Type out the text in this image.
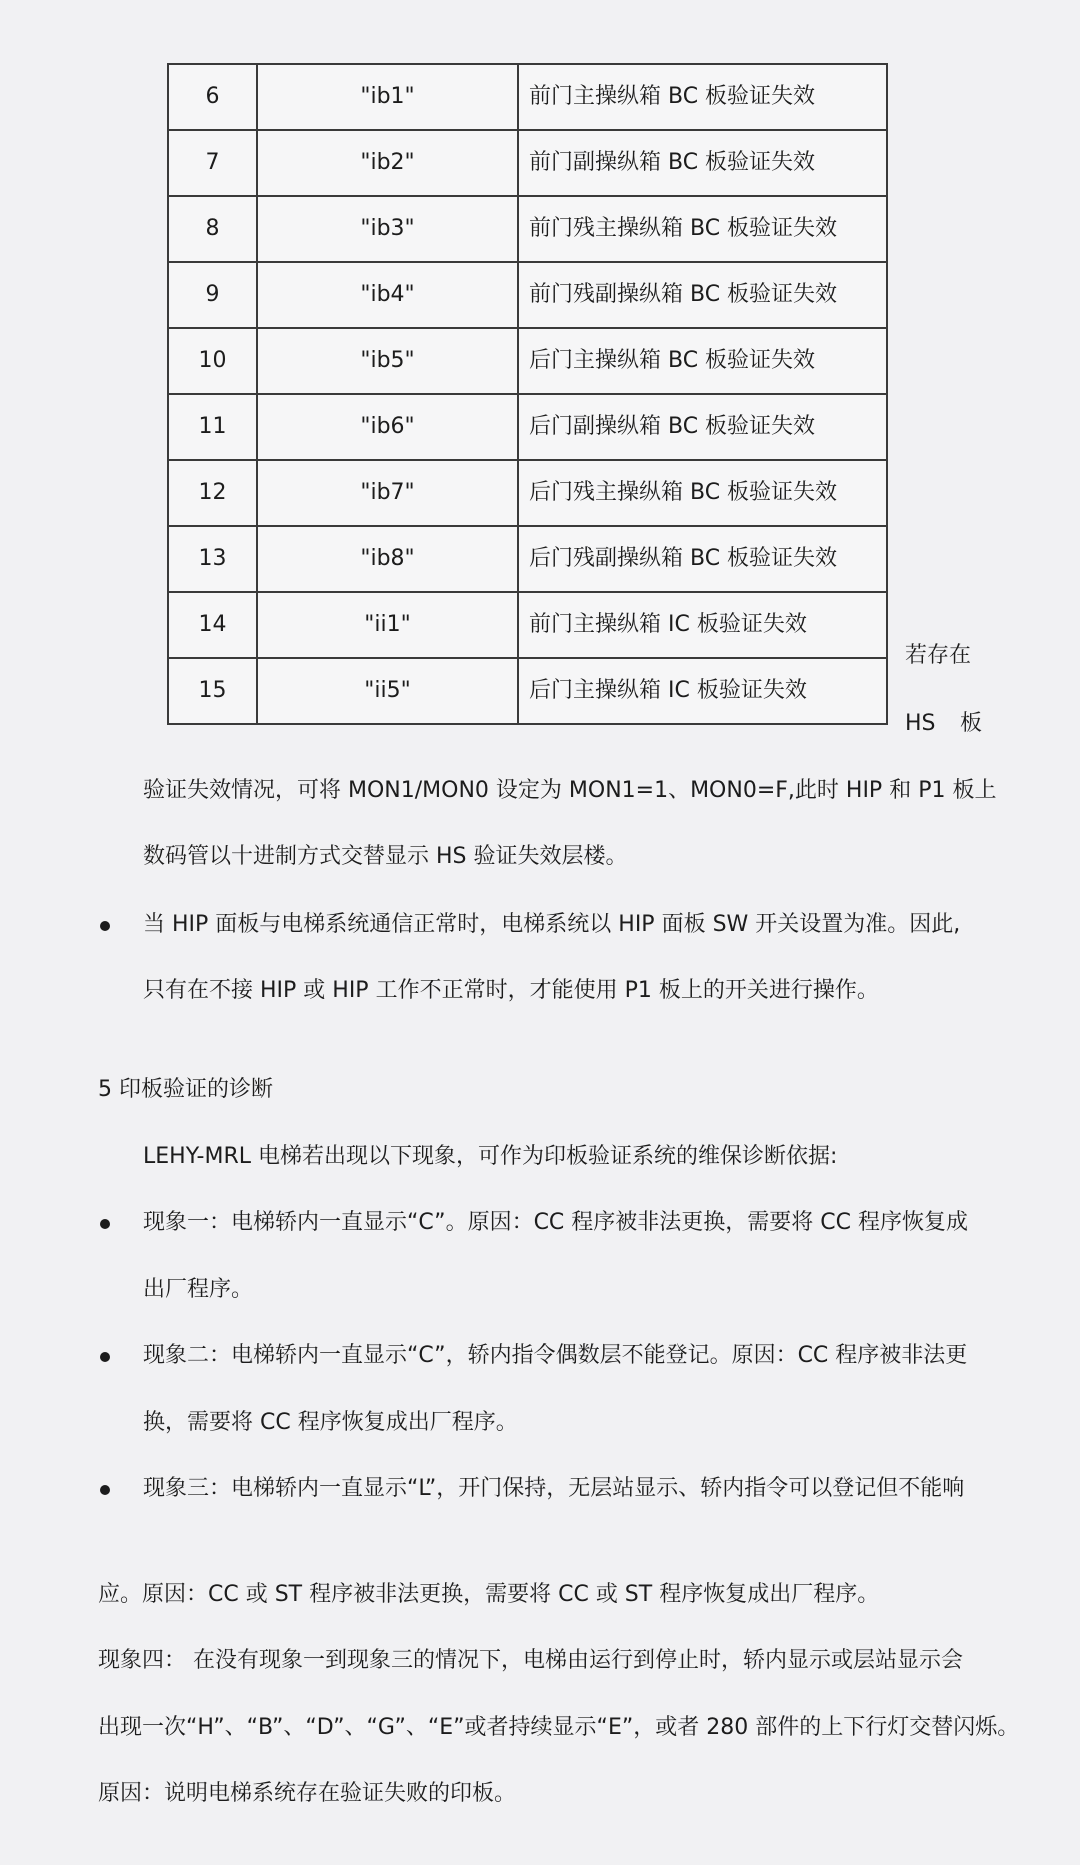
6	"ib1"	前门主操纵箱 BC 板验证失效
7	"ib2"	前门副操纵箱 BC 板验证失效
8	"ib3"	前门残主操纵箱 BC 板验证失效
9	"ib4"	前门残副操纵箱 BC 板验证失效
10	"ib5"	后门主操纵箱 BC 板验证失效
11	"ib6"	后门副操纵箱 BC 板验证失效
12	"ib7"	后门残主操纵箱 BC 板验证失效
13	"ib8"	后门残副操纵箱 BC 板验证失效
14	"ii1"	前门主操纵箱 IC 板验证失效
15	"ii5"	后门主操纵箱 IC 板验证失效
若存在
HS 板
验证失效情况，可将 MON1/MON0 设定为 MON1=1、MON0=F,此时 HIP 和 P1 板上
数码管以十进制方式交替显示 HS 验证失效层楼。
当 HIP 面板与电梯系统通信正常时，电梯系统以 HIP 面板 SW 开关设置为准。因此,
只有在不接 HIP 或 HIP 工作不正常时，才能使用 P1 板上的开关进行操作。
5 印板验证的诊断
LEHY-MRL 电梯若出现以下现象，可作为印板验证系统的维保诊断依据:
现象一：电梯轿内一直显示“C”。原因：CC 程序被非法更换，需要将 CC 程序恢复成
出厂程序。
现象二：电梯轿内一直显示“C”，轿内指令偶数层不能登记。原因：CC 程序被非法更
换，需要将 CC 程序恢复成出厂程序。
现象三：电梯轿内一直显示“L”，开门保持，无层站显示、轿内指令可以登记但不能响
应。原因：CC 或 ST 程序被非法更换，需要将 CC 或 ST 程序恢复成出厂程序。
现象四： 在没有现象一到现象三的情况下，电梯由运行到停止时，轿内显示或层站显示会
出现一次“H”、“B”、“D”、“G”、“E”或者持续显示“E”，或者 280 部件的上下行灯交替闪烁。
原因：说明电梯系统存在验证失败的印板。
